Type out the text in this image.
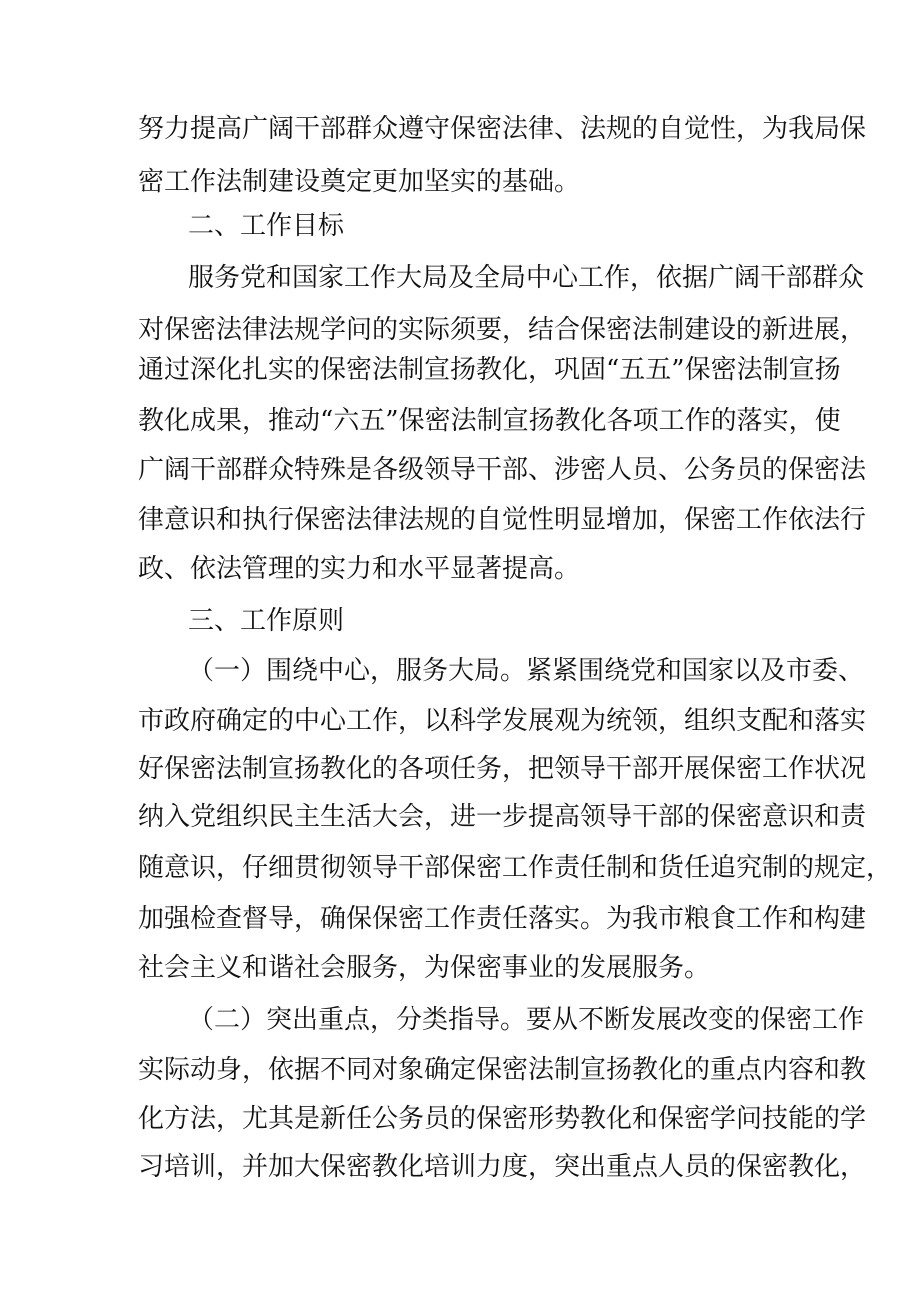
努力提高广阔干部群众遵守保密法律、法规的自觉性，为我局保
密工作法制建设奠定更加坚实的基础。
二、工作目标
服务党和国家工作大局及全局中心工作，依据广阔干部群众
对保密法律法规学问的实际须要，结合保密法制建设的新进展，
通过深化扎实的保密法制宣扬教化，巩固“五五”保密法制宣扬
教化成果，推动“六五”保密法制宣扬教化各项工作的落实，使
广阔干部群众特殊是各级领导干部、涉密人员、公务员的保密法
律意识和执行保密法律法规的自觉性明显增加，保密工作依法行
政、依法管理的实力和水平显著提高。
三、工作原则
（一）围绕中心，服务大局。紧紧围绕党和国家以及市委、
市政府确定的中心工作，以科学发展观为统领，组织支配和落实
好保密法制宣扬教化的各项任务，把领导干部开展保密工作状况
纳入党组织民主生活大会，进一步提高领导干部的保密意识和责
随意识，仔细贯彻领导干部保密工作责任制和货任追究制的规定，
加强检查督导，确保保密工作责任落实。为我市粮食工作和构建
社会主义和谐社会服务，为保密事业的发展服务。
（二）突出重点，分类指导。要从不断发展改变的保密工作
实际动身，依据不同对象确定保密法制宣扬教化的重点内容和教
化方法，尤其是新任公务员的保密形势教化和保密学问技能的学
习培训，并加大保密教化培训力度，突出重点人员的保密教化，
